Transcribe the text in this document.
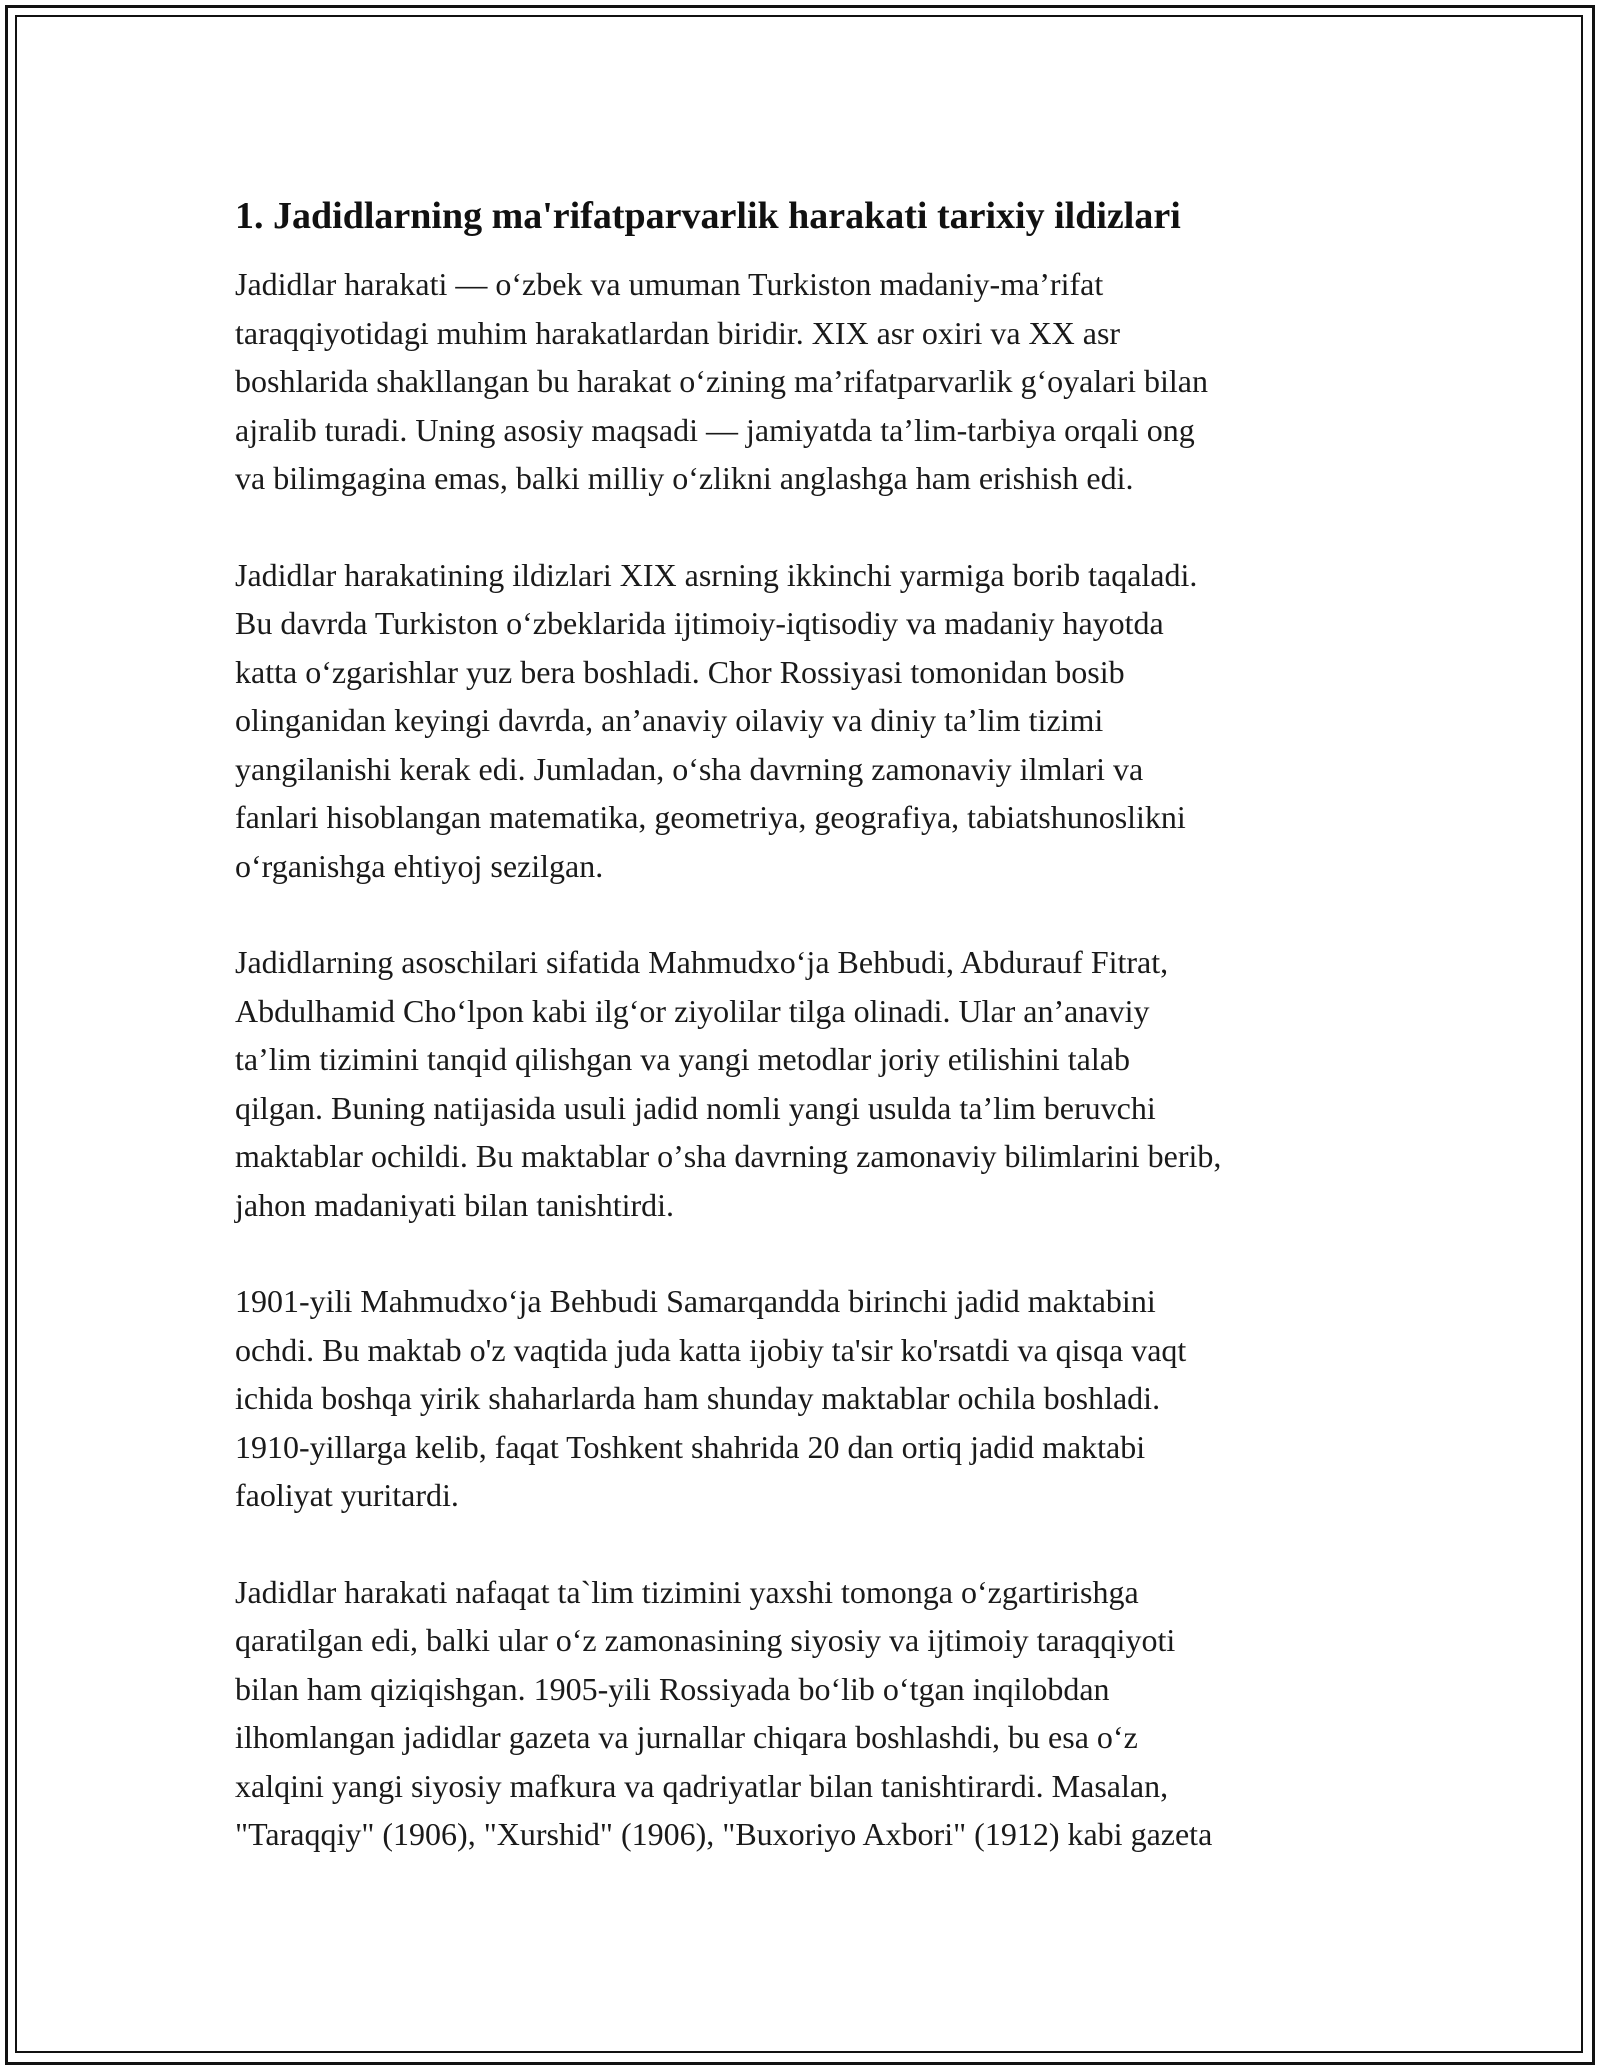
1. Jadidlarning ma'rifatparvarlik harakati tarixiy ildizlari

Jadidlar harakati — oʻzbek va umuman Turkiston madaniy-maʼrifat
taraqqiyotidagi muhim harakatlardan biridir. XIX asr oxiri va XX asr
boshlarida shakllangan bu harakat oʻzining maʼrifatparvarlik gʻoyalari bilan
ajralib turadi. Uning asosiy maqsadi — jamiyatda taʼlim-tarbiya orqali ong
va bilimgagina emas, balki milliy oʻzlikni anglashga ham erishish edi.

Jadidlar harakatining ildizlari XIX asrning ikkinchi yarmiga borib taqaladi.
Bu davrda Turkiston oʻzbeklarida ijtimoiy-iqtisodiy va madaniy hayotda
katta oʻzgarishlar yuz bera boshladi. Chor Rossiyasi tomonidan bosib
olinganidan keyingi davrda, anʼanaviy oilaviy va diniy taʼlim tizimi
yangilanishi kerak edi. Jumladan, oʻsha davrning zamonaviy ilmlari va
fanlari hisoblangan matematika, geometriya, geografiya, tabiatshunoslikni
oʻrganishga ehtiyoj sezilgan.

Jadidlarning asoschilari sifatida Mahmudxoʻja Behbudi, Abdurauf Fitrat,
Abdulhamid Choʻlpon kabi ilgʻor ziyolilar tilga olinadi. Ular anʼanaviy
taʼlim tizimini tanqid qilishgan va yangi metodlar joriy etilishini talab
qilgan. Buning natijasida usuli jadid nomli yangi usulda taʼlim beruvchi
maktablar ochildi. Bu maktablar oʼsha davrning zamonaviy bilimlarini berib,
jahon madaniyati bilan tanishtirdi.

1901-yili Mahmudxoʻja Behbudi Samarqandda birinchi jadid maktabini
ochdi. Bu maktab o'z vaqtida juda katta ijobiy ta'sir ko'rsatdi va qisqa vaqt
ichida boshqa yirik shaharlarda ham shunday maktablar ochila boshladi.
1910-yillarga kelib, faqat Toshkent shahrida 20 dan ortiq jadid maktabi
faoliyat yuritardi.

Jadidlar harakati nafaqat ta`lim tizimini yaxshi tomonga oʻzgartirishga
qaratilgan edi, balki ular oʻz zamonasining siyosiy va ijtimoiy taraqqiyoti
bilan ham qiziqishgan. 1905-yili Rossiyada boʻlib oʻtgan inqilobdan
ilhomlangan jadidlar gazeta va jurnallar chiqara boshlashdi, bu esa oʻz
xalqini yangi siyosiy mafkura va qadriyatlar bilan tanishtirardi. Masalan,
"Taraqqiy" (1906), "Xurshid" (1906), "Buxoriyo Axbori" (1912) kabi gazeta
